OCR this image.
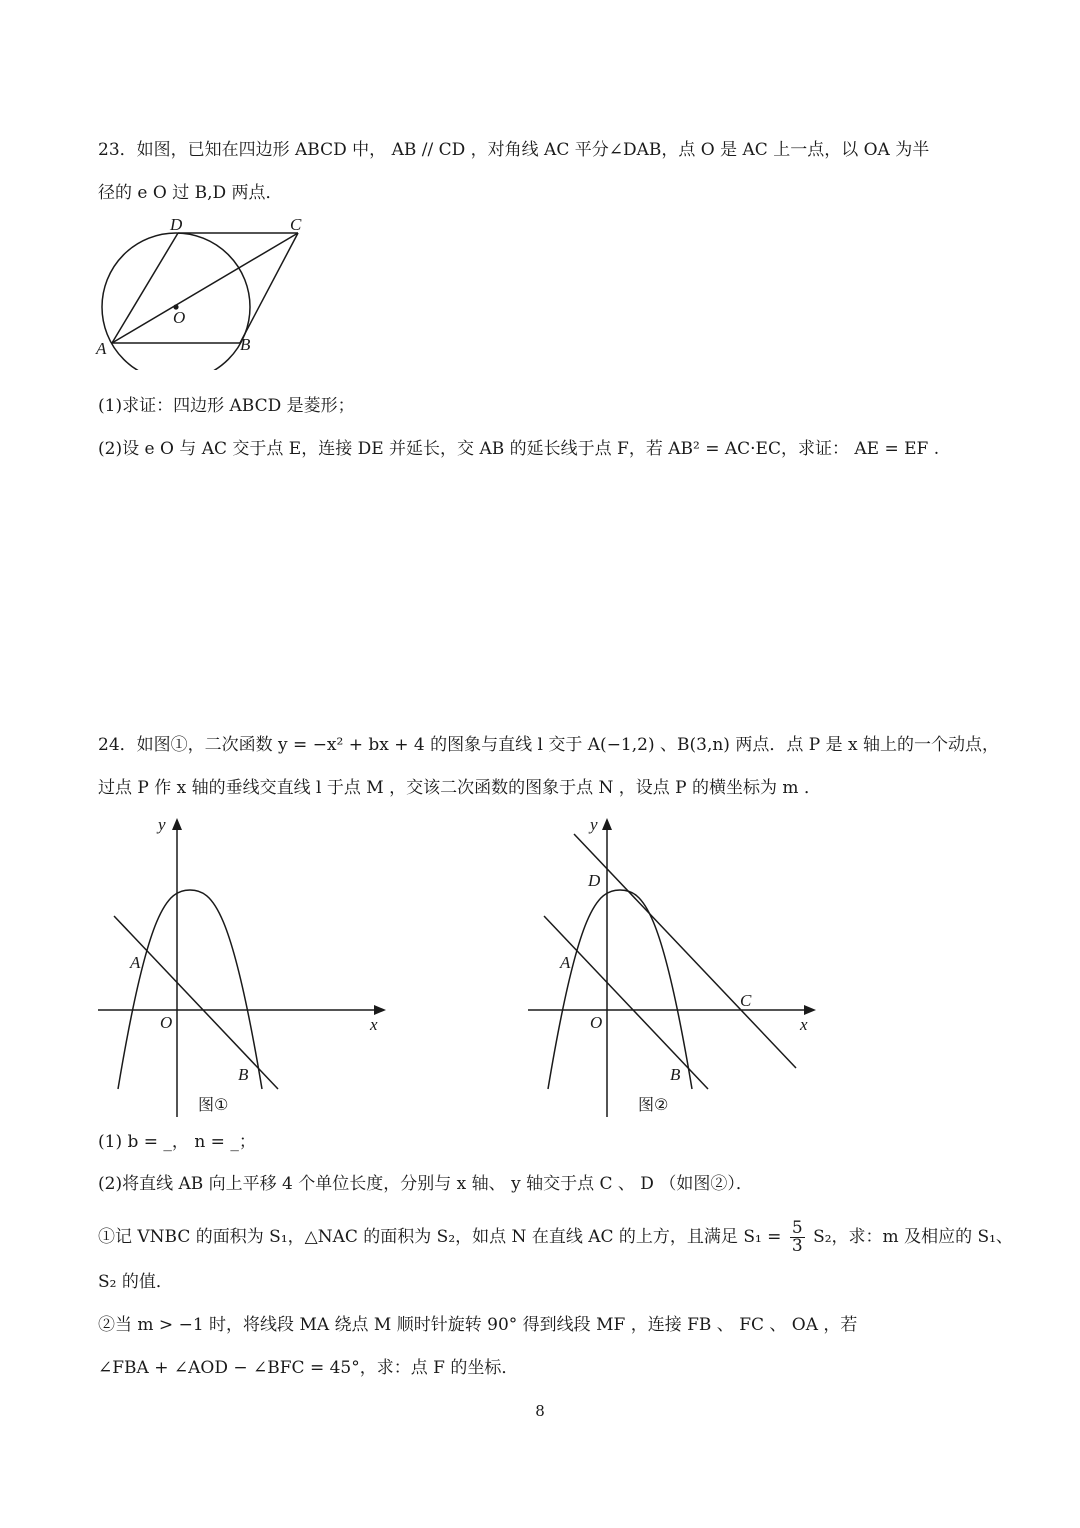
23．如图，已知在四边形 ABCD 中， AB // CD ，对角线 AC 平分∠DAB，点 O 是 AC 上一点，以 OA 为半
径的 e O 过 B,D 两点．
D	C
O
A	B
(1)求证：四边形 ABCD 是菱形；
(2)设 e O 与 AC 交于点 E，连接 DE 并延长，交 AB 的延长线于点 F，若 AB² = AC·EC，求证： AE = EF .
24．如图①，二次函数 y = −x² + bx + 4 的图象与直线 l 交于 A(−1,2) 、B(3,n) 两点．点 P 是 x 轴上的一个动点，
过点 P 作 x 轴的垂线交直线 l 于点 M ，交该二次函数的图象于点 N ，设点 P 的横坐标为 m ．
y
x
O
A
B
图①
y
x
O
A
B
C
D
图②
(1) b = _， n = _；
(2)将直线 AB 向上平移 4 个单位长度，分别与 x 轴、 y 轴交于点 C 、 D （如图②）．
①记 VNBC 的面积为 S₁，△NAC 的面积为 S₂，如点 N 在直线 AC 的上方，且满足 $S_1 = \frac{5}{3} S_2$，求：m 及相应的 S₁、
S₂ 的值．
②当 m > −1 时，将线段 MA 绕点 M 顺时针旋转 90° 得到线段 MF ，连接 FB 、 FC 、 OA ，若
∠FBA + ∠AOD − ∠BFC = 45°，求：点 F 的坐标．
8
